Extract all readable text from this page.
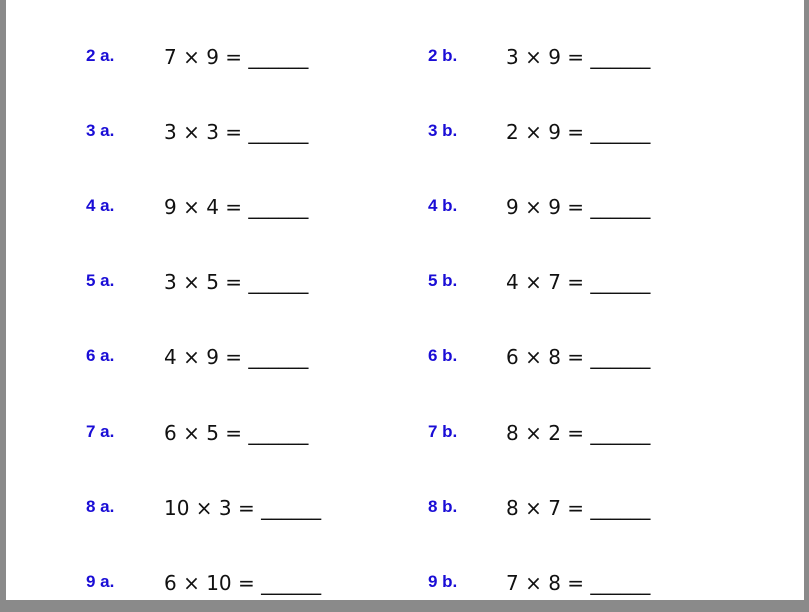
2 a. 7 × 9 = ______	2 b. 3 × 9 = ______
3 a. 3 × 3 = ______	3 b. 2 × 9 = ______
4 a. 9 × 4 = ______	4 b. 9 × 9 = ______
5 a. 3 × 5 = ______	5 b. 4 × 7 = ______
6 a. 4 × 9 = ______	6 b. 6 × 8 = ______
7 a. 6 × 5 = ______	7 b. 8 × 2 = ______
8 a. 10 × 3 = ______	8 b. 8 × 7 = ______
9 a. 6 × 10 = ______	9 b. 7 × 8 = ______
